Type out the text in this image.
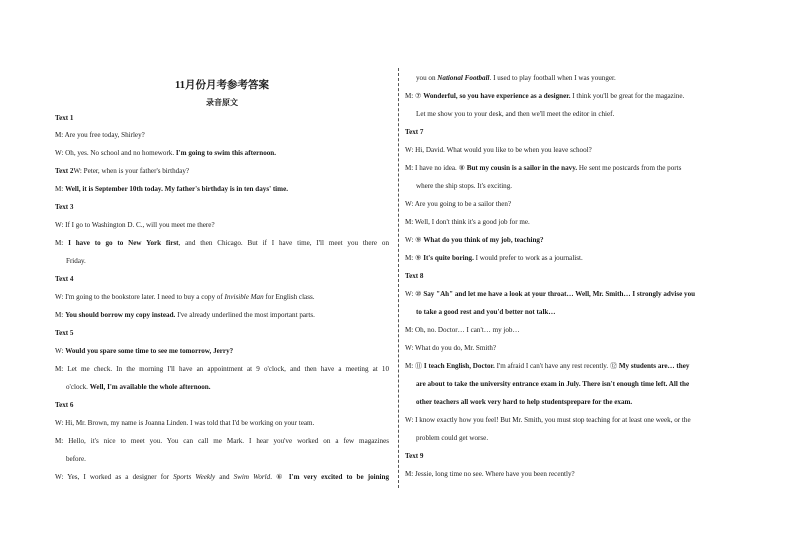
11月份月考参考答案
录音原文
Text 1
M: Are you free today, Shirley?
W: Oh, yes. No school and no homework. I'm going to swim this afternoon.
Text 2W: Peter, when is your father's birthday?
M: Well, it is September 10th today. My father's birthday is in ten days' time.
Text 3
W: If I go to Washington D. C., will you meet me there?
M: I have to go to New York first, and then Chicago. But if I have time, I'll meet you there on
Friday.
Text 4
W: I'm going to the bookstore later. I need to buy a copy of Invisible Man for English class.
M: You should borrow my copy instead. I've already underlined the most important parts.
Text 5
W: Would you spare some time to see me tomorrow, Jerry?
M: Let me check. In the morning I'll have an appointment at 9 o'clock, and then have a meeting at 10
o'clock. Well, I'm available the whole afternoon.
Text 6
W: Hi, Mr. Brown, my name is Joanna Linden. I was told that I'd be working on your team.
M: Hello, it's nice to meet you. You can call me Mark. I hear you've worked on a few magazines
before.
W: Yes, I worked as a designer for Sports Weekly and Swim World. ⑥ I'm very excited to be joining
you on National Football. I used to play football when I was younger.
M: ⑦ Wonderful, so you have experience as a designer. I think you'll be great for the magazine.
Let me show you to your desk, and then we'll meet the editor in chief.
Text 7
W: Hi, David. What would you like to be when you leave school?
M: I have no idea. ⑧ But my cousin is a sailor in the navy. He sent me postcards from the ports
where the ship stops. It's exciting.
W: Are you going to be a sailor then?
M: Well, I don't think it's a good job for me.
W: ⑨ What do you think of my job, teaching?
M: ⑨ It's quite boring. I would prefer to work as a journalist.
Text 8
W: ⑩ Say "Ah" and let me have a look at your throat… Well, Mr. Smith… I strongly advise you
to take a good rest and you'd better not talk…
M: Oh, no. Doctor… I can't… my job…
W: What do you do, Mr. Smith?
M: ⑪ I teach English, Doctor. I'm afraid I can't have any rest recently. ⑫ My students are… they
are about to take the university entrance exam in July. There isn't enough time left. All the
other teachers all work very hard to help studentsprepare for the exam.
W: I know exactly how you feel! But Mr. Smith, you must stop teaching for at least one week, or the
problem could get worse.
Text 9
M: Jessie, long time no see. Where have you been recently?
